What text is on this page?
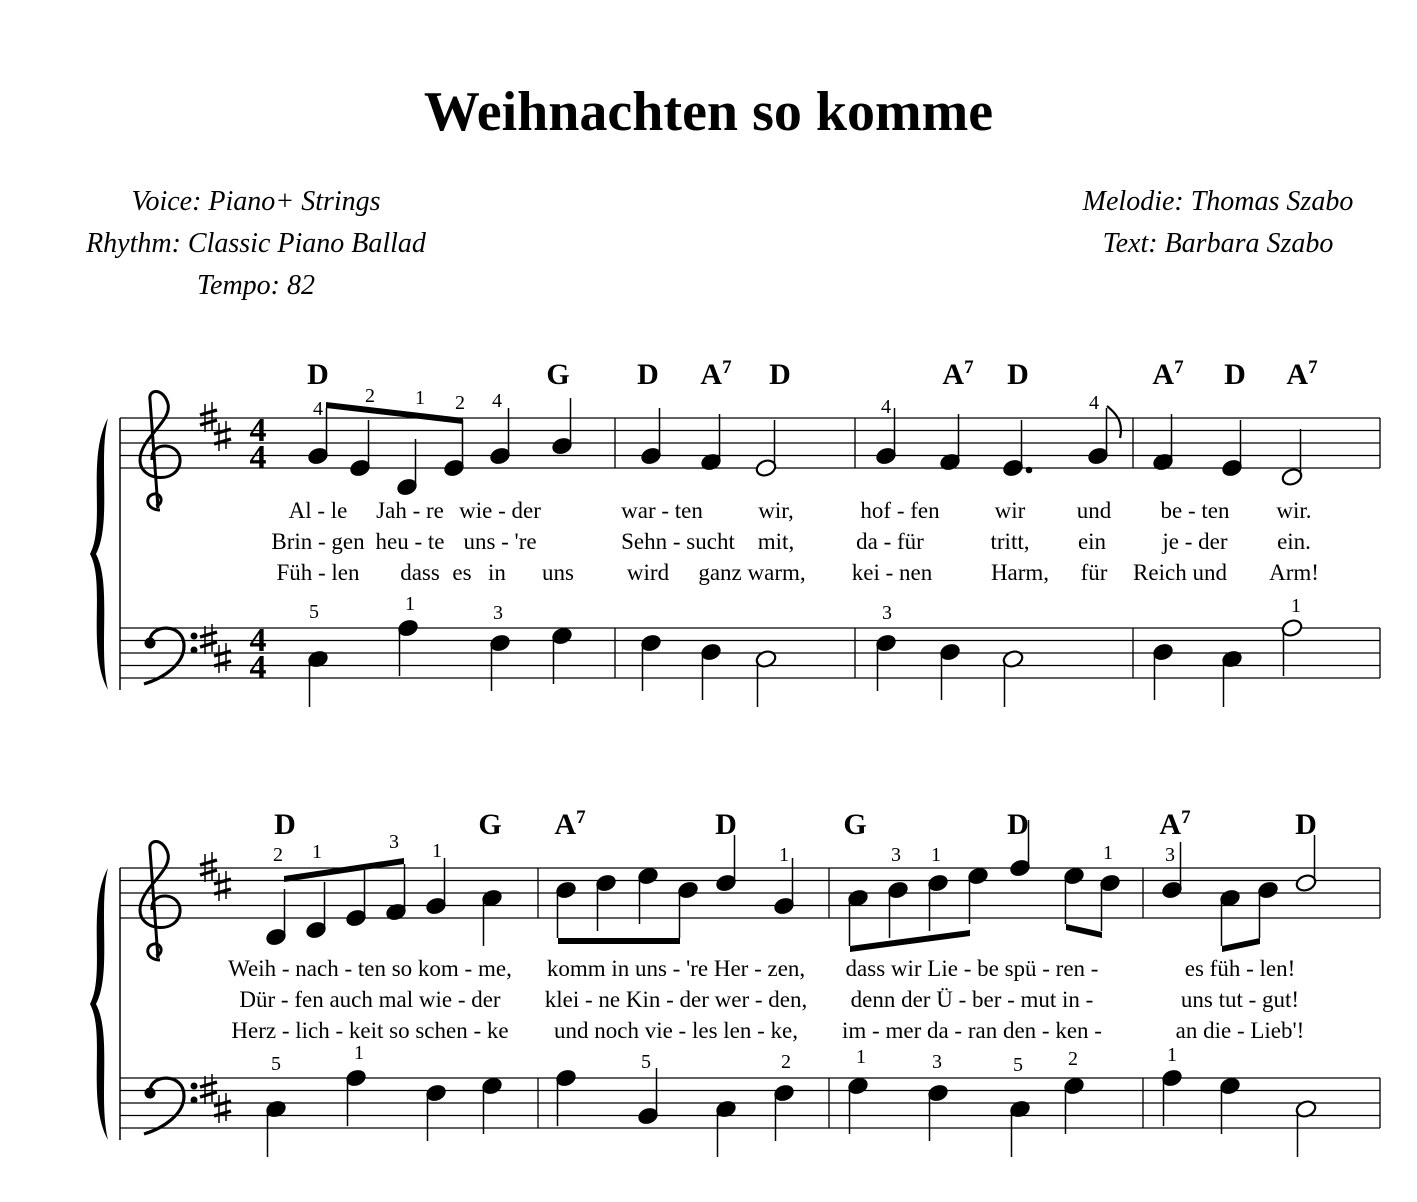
Weihnachten so komme
Voice: Piano+ Strings
Rhythm: Classic Piano Ballad
Tempo: 82
Melodie: Thomas Szabo
Text: Barbara Szabo
4
4
4
4
D	G D $A^7$ D	$A^7$ D	$A^7$ D $A^7$
D	G $A^7$	D	G	D	$A^7$	D
4
2 1 2 4	4	4
5	1	3	3	1
2 1	3 1	1	3 1	1	3
5	1	5	2	1	3	5 2	1
Al - le Jah - re wie - der	war - ten wir,	hof - fen wir und be - ten wir.
Brin - gen heu - te uns - 're	Sehn - sucht mit,	da - für	tritt, ein je - der ein.
Füh - len dass es in uns wird ganz warm, kei - nen	Harm, für Reich und Arm!
Weih - nach - ten so kom - me, komm in uns - 're Her - zen, dass wir Lie - be spü - ren -	es füh - len!
Dür - fen auch mal wie - der klei - ne Kin - der wer - den, denn der Ü - ber - mut in -	uns tut - gut!
Herz - lich - keit so schen - ke und noch vie - les len - ke, im - mer da - ran den - ken -	an die - Lieb'!
